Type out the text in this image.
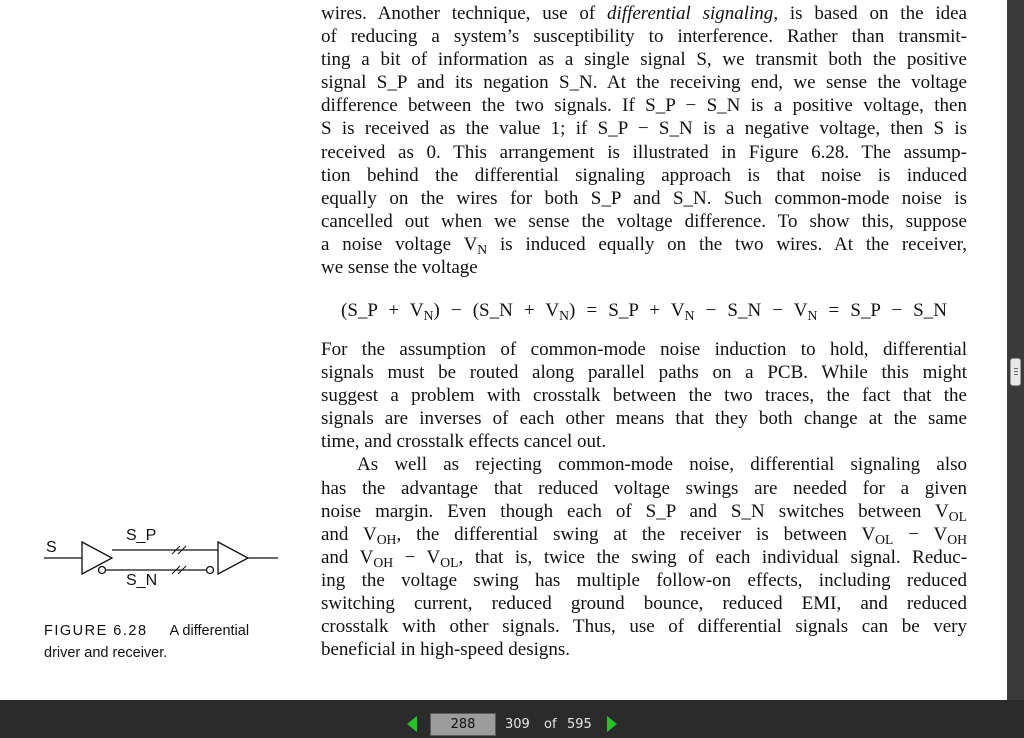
wires. Another technique, use of differential signaling, is based on the idea
of reducing a system’s susceptibility to interference. Rather than transmit-
ting a bit of information as a single signal S, we transmit both the positive
signal S_P and its negation S_N. At the receiving end, we sense the voltage
difference between the two signals. If S_P − S_N is a positive voltage, then
S is received as the value 1; if S_P − S_N is a negative voltage, then S is
received as 0. This arrangement is illustrated in Figure 6.28. The assump-
tion behind the differential signaling approach is that noise is induced
equally on the wires for both S_P and S_N. Such common-mode noise is
cancelled out when we sense the voltage difference. To show this, suppose
a noise voltage $V_N$ is induced equally on the two wires. At the receiver,
we sense the voltage
(S_P + $V_N$) − (S_N + $V_N$) = S_P + $V_N$ − S_N − $V_N$ = S_P − S_N
For the assumption of common-mode noise induction to hold, differential
signals must be routed along parallel paths on a PCB. While this might
suggest a problem with crosstalk between the two traces, the fact that the
signals are inverses of each other means that they both change at the same
time, and crosstalk effects cancel out.
As well as rejecting common-mode noise, differential signaling also
has the advantage that reduced voltage swings are needed for a given
noise margin. Even though each of S_P and S_N switches between $V_{OL}$
and $V_{OH}$, the differential swing at the receiver is between $V_{OL} - V_{OH}$
and $V_{OH} - V_{OL}$, that is, twice the swing of each individual signal. Reduc-
ing the voltage swing has multiple follow-on effects, including reduced
switching current, reduced ground bounce, reduced EMI, and reduced
crosstalk with other signals. Thus, use of differential signals can be very
beneficial in high-speed designs.
S
S_P
S_N
FIGURE 6.28 A differential
driver and receiver.
288	309 of 595
